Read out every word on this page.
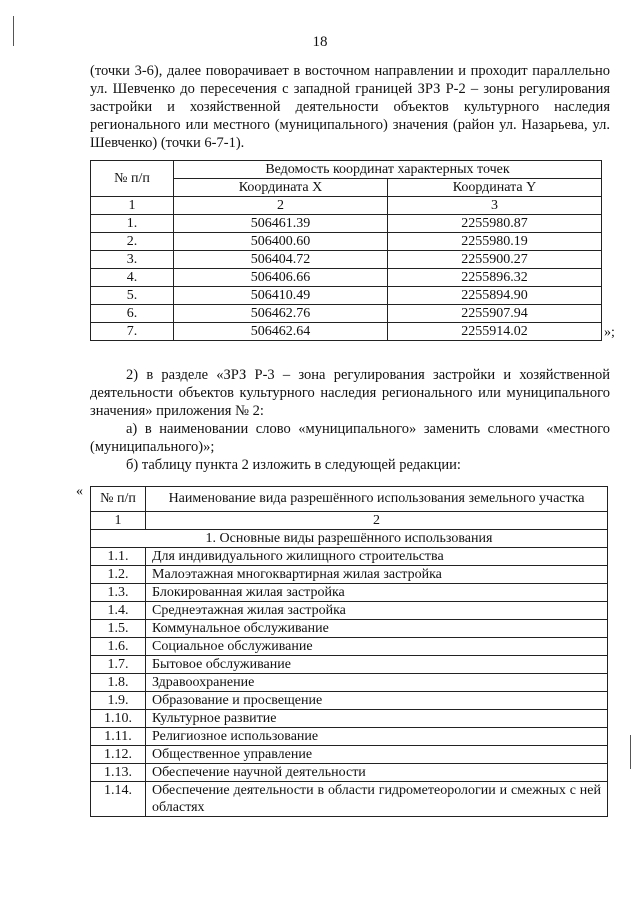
18
(точки 3-6), далее поворачивает в восточном направлении и проходит параллельно ул. Шевченко до пересечения с западной границей ЗРЗ Р-2 – зоны регулирования застройки и хозяйственной деятельности объектов культурного наследия регионального или местного (муниципального) значения (район ул. Назарьева, ул. Шевченко) (точки 6-7-1).
№ п/п	Ведомость координат характерных точек	
	Координата X	Координата Y
1	2	3
1.	506461.39	2255980.87
2.	506400.60	2255980.19
3.	506404.72	2255900.27
4.	506406.66	2255896.32
5.	506410.49	2255894.90
6.	506462.76	2255907.94
7.	506462.64	2255914.02	»;
2) в разделе «ЗРЗ Р-3 – зона регулирования застройки и хозяйственной деятельности объектов культурного наследия регионального или муниципального значения» приложения № 2:
а) в наименовании слово «муниципального» заменить словами «местного (муниципального)»;
б) таблицу пункта 2 изложить в следующей редакции:
« № п/п	Наименование вида разрешённого использования земельного участка
1	2
1. Основные виды разрешённого использования	
1.1.	Для индивидуального жилищного строительства
1.2.	Малоэтажная многоквартирная жилая застройка
1.3.	Блокированная жилая застройка
1.4.	Среднеэтажная жилая застройка
1.5.	Коммунальное обслуживание
1.6.	Социальное обслуживание
1.7.	Бытовое обслуживание
1.8.	Здравоохранение
1.9.	Образование и просвещение
1.10.	Культурное развитие
1.11.	Религиозное использование
1.12.	Общественное управление
1.13.	Обеспечение научной деятельности
1.14.	Обеспечение деятельности в области гидрометеорологии и смежных с ней областях
